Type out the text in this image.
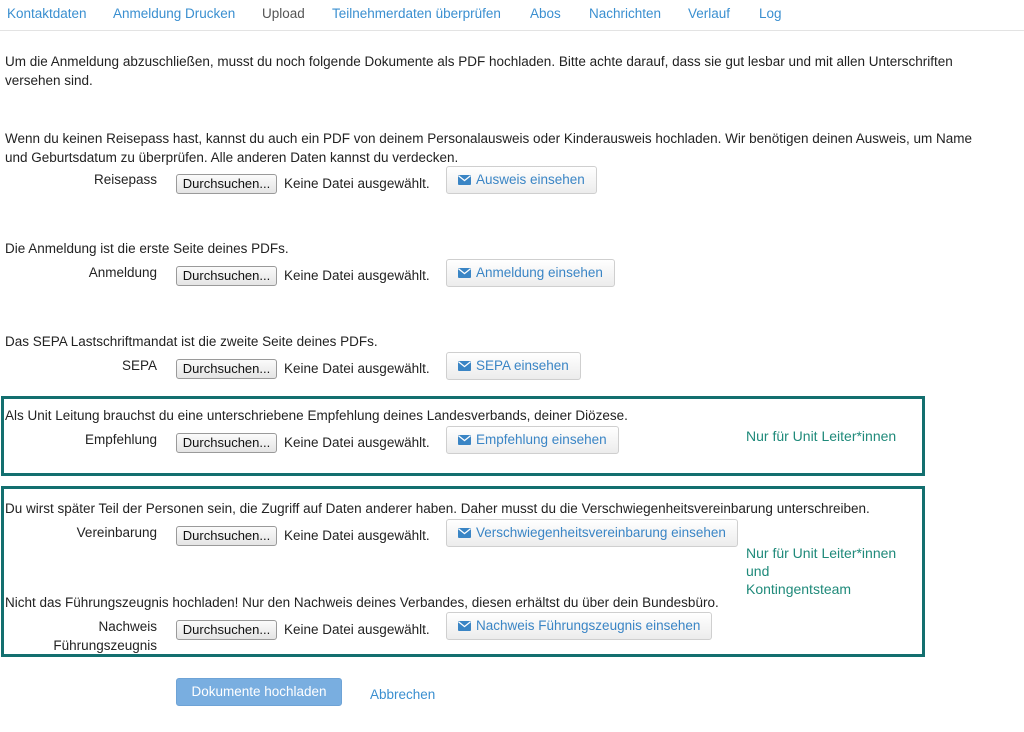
Kontaktdaten Anmeldung Drucken Upload Teilnehmerdaten überprüfen Abos Nachrichten Verlauf Log
Um die Anmeldung abzuschließen, musst du noch folgende Dokumente als PDF hochladen. Bitte achte darauf, dass sie gut lesbar und mit allen Unterschriften
versehen sind.
Wenn du keinen Reisepass hast, kannst du auch ein PDF von deinem Personalausweis oder Kinderausweis hochladen. Wir benötigen deinen Ausweis, um Name
und Geburtsdatum zu überprüfen. Alle anderen Daten kannst du verdecken.
Reisepass	Durchsuchen...	Keine Datei ausgewählt.	Ausweis einsehen
Die Anmeldung ist die erste Seite deines PDFs.
Anmeldung	Durchsuchen...	Keine Datei ausgewählt.	Anmeldung einsehen
Das SEPA Lastschriftmandat ist die zweite Seite deines PDFs.
SEPA	Durchsuchen...	Keine Datei ausgewählt.	SEPA einsehen
Als Unit Leitung brauchst du eine unterschriebene Empfehlung deines Landesverbands, deiner Diözese.
Empfehlung	Durchsuchen...	Keine Datei ausgewählt.	Empfehlung einsehen	Nur für Unit Leiter*innen
Du wirst später Teil der Personen sein, die Zugriff auf Daten anderer haben. Daher musst du die Verschwiegenheitsvereinbarung unterschreiben.
Vereinbarung	Durchsuchen...	Keine Datei ausgewählt.	Verschwiegenheitsvereinbarung einsehen
Nur für Unit Leiter*innen
und
Kontingentsteam
Nicht das Führungszeugnis hochladen! Nur den Nachweis deines Verbandes, diesen erhältst du über dein Bundesbüro.
Nachweis
Führungszeugnis
Durchsuchen...	Keine Datei ausgewählt.	Nachweis Führungszeugnis einsehen
Dokumente hochladen	Abbrechen
